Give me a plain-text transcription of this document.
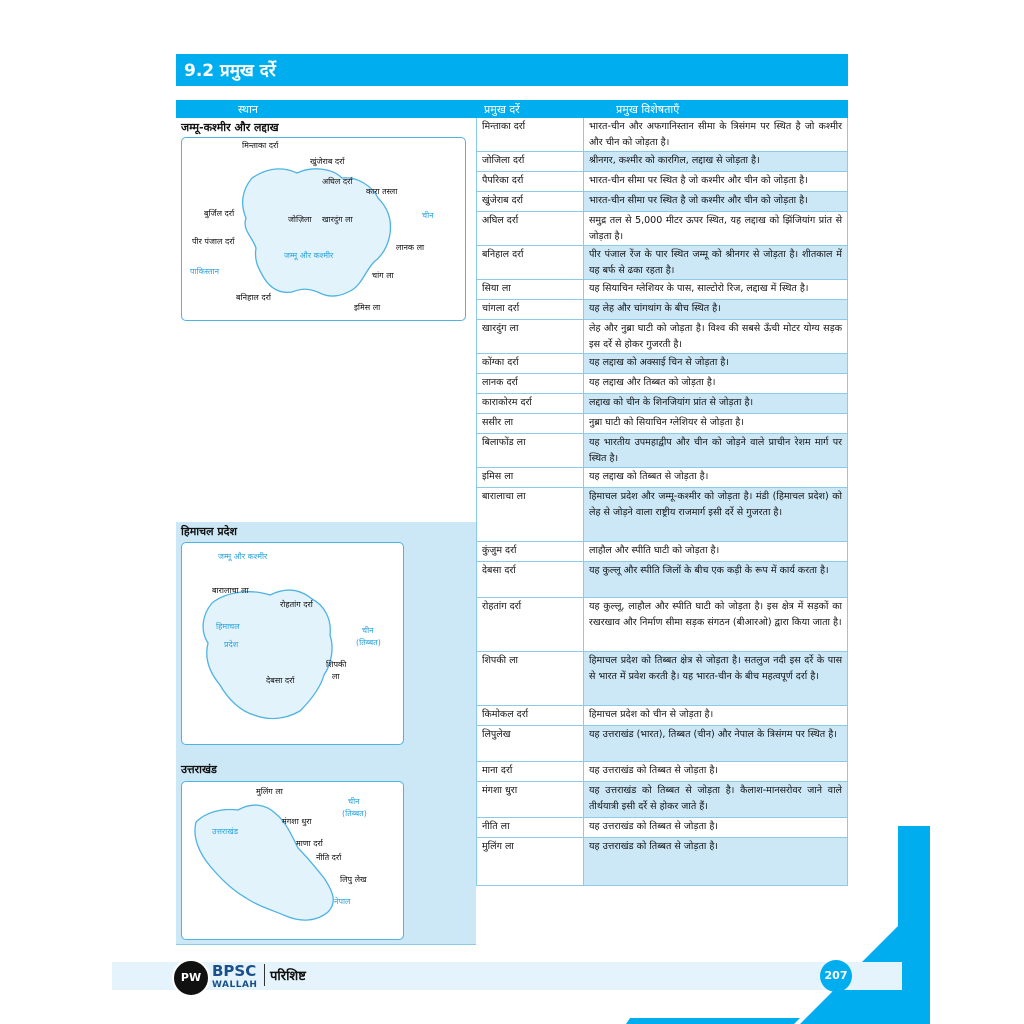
9.2 प्रमुख दर्रे
स्थान	प्रमुख दर्रे	प्रमुख विशेषताएँ
जम्मू-कश्मीर और लद्दाख
मिन्ताका दर्रा
खुंजेराब दर्रा
अघिल दर्रा
कारा तस्ला
बुर्जिल दर्रा
जोज़िला खारदुंग ला	चीन
पीर पंजाल दर्रा
जम्मू और कश्मीर
लानक ला
पाकिस्तान	चांग ला
बनिहाल दर्रा
इमिस ला
हिमाचल प्रदेश
जम्मू और कश्मीर
बारालाचा ला
रोहतांग दर्रा
हिमाचल
प्रदेश
चीन
(तिब्बत)
शिपकी
ला
देबसा दर्रा
उत्तराखंड
मुलिंग ला
चीन
(तिब्बत)
उत्तराखंड
मंगशा धुरा
माणा दर्रा
नीति दर्रा
लिपु लेख
नेपाल
मिन्ताका दर्रा	भारत-चीन और अफगानिस्तान सीमा के त्रिसंगम पर स्थित है जो कश्मीर और चीन को जोड़ता है।
जोजिला दर्रा	श्रीनगर, कश्मीर को कारगिल, लद्दाख से जोड़ता है।
पैपरिका दर्रा	भारत-चीन सीमा पर स्थित है जो कश्मीर और चीन को जोड़ता है।
खुंजेराब दर्रा	भारत-चीन सीमा पर स्थित है जो कश्मीर और चीन को जोड़ता है।
अघिल दर्रा	समुद्र तल से 5,000 मीटर ऊपर स्थित, यह लद्दाख को झिंजियांग प्रांत से जोड़ता है।
बनिहाल दर्रा	पीर पंजाल रेंज के पार स्थित जम्मू को श्रीनगर से जोड़ता है। शीतकाल में यह बर्फ से ढका रहता है।
सिया ला	यह सियाचिन ग्लेशियर के पास, साल्टोरो रिज, लद्दाख में स्थित है।
चांगला दर्रा	यह लेह और चांगथांग के बीच स्थित है।
खारदुंग ला	लेह और नुब्रा घाटी को जोड़ता है। विश्व की सबसे ऊँची मोटर योग्य सड़क इस दर्रे से होकर गुजरती है।
कोंग्का दर्रा	यह लद्दाख को अक्साई चिन से जोड़ता है।
लानक दर्रा	यह लद्दाख और तिब्बत को जोड़ता है।
काराकोरम दर्रा	लद्दाख को चीन के शिनजियांग प्रांत से जोड़ता है।
ससीर ला	नुब्रा घाटी को सियाचिन ग्लेशियर से जोड़ता है।
बिलाफोंड ला	यह भारतीय उपमहाद्वीप और चीन को जोड़ने वाले प्राचीन रेशम मार्ग पर स्थित है।
इमिस ला	यह लद्दाख को तिब्बत से जोड़ता है।
बारालाचा ला	हिमाचल प्रदेश और जम्मू-कश्मीर को जोड़ता है। मंडी (हिमाचल प्रदेश) को लेह से जोड़ने वाला राष्ट्रीय राजमार्ग इसी दर्रे से गुजरता है।
कुंजुम दर्रा	लाहौल और स्पीति घाटी को जोड़ता है।
देबसा दर्रा	यह कुल्लू और स्पीति जिलों के बीच एक कड़ी के रूप में कार्य करता है।
रोहतांग दर्रा	यह कुल्लू, लाहौल और स्पीति घाटी को जोड़ता है। इस क्षेत्र में सड़कों का रखरखाव और निर्माण सीमा सड़क संगठन (बीआरओ) द्वारा किया जाता है।
शिपकी ला	हिमाचल प्रदेश को तिब्बत क्षेत्र से जोड़ता है। सतलुज नदी इस दर्रे के पास से भारत में प्रवेश करती है। यह भारत-चीन के बीच महत्वपूर्ण दर्रा है।
किमोकल दर्रा	हिमाचल प्रदेश को चीन से जोड़ता है।
लिपुलेख	यह उत्तराखंड (भारत), तिब्बत (चीन) और नेपाल के त्रिसंगम पर स्थित है।
माना दर्रा	यह उत्तराखंड को तिब्बत से जोड़ता है।
मंगशा धुरा	यह उत्तराखंड को तिब्बत से जोड़ता है। कैलाश-मानसरोवर जाने वाले तीर्थयात्री इसी दर्रे से होकर जाते हैं।
नीति ला	यह उत्तराखंड को तिब्बत से जोड़ता है।
मुलिंग ला	यह उत्तराखंड को तिब्बत से जोड़ता है।
PW BPSC
WALLAH
परिशिष्ट	207
